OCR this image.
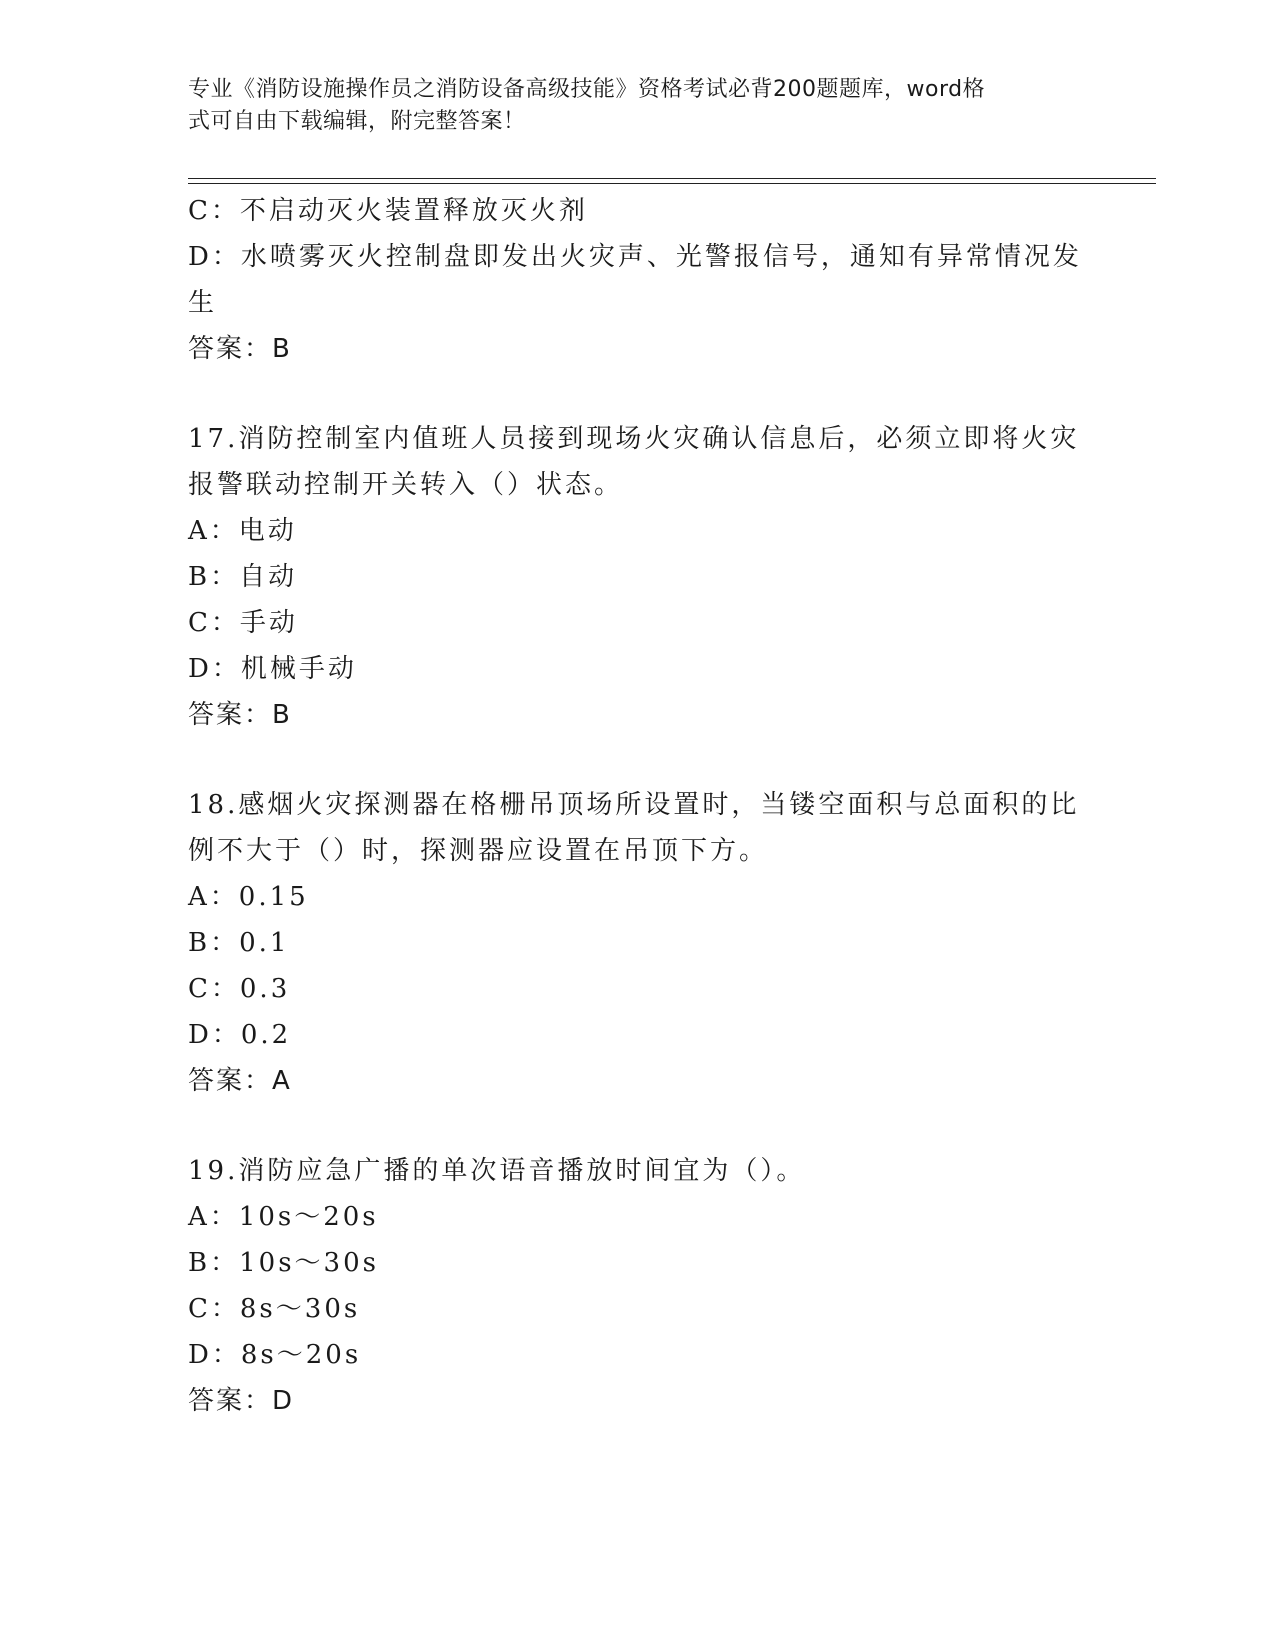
专业《消防设施操作员之消防设备高级技能》资格考试必背200题题库，word格
式可自由下载编辑，附完整答案！
C：不启动灭火装置释放灭火剂
D：水喷雾灭火控制盘即发出火灾声、光警报信号，通知有异常情况发
生
答案：B
17.消防控制室内值班人员接到现场火灾确认信息后，必须立即将火灾
报警联动控制开关转入（）状态。
A：电动
B：自动
C：手动
D：机械手动
答案：B
18.感烟火灾探测器在格栅吊顶场所设置时，当镂空面积与总面积的比
例不大于（）时，探测器应设置在吊顶下方。
A：0.15
B：0.1
C：0.3
D：0.2
答案：A
19.消防应急广播的单次语音播放时间宜为（）。
A：10s～20s
B：10s～30s
C：8s～30s
D：8s～20s
答案：D
